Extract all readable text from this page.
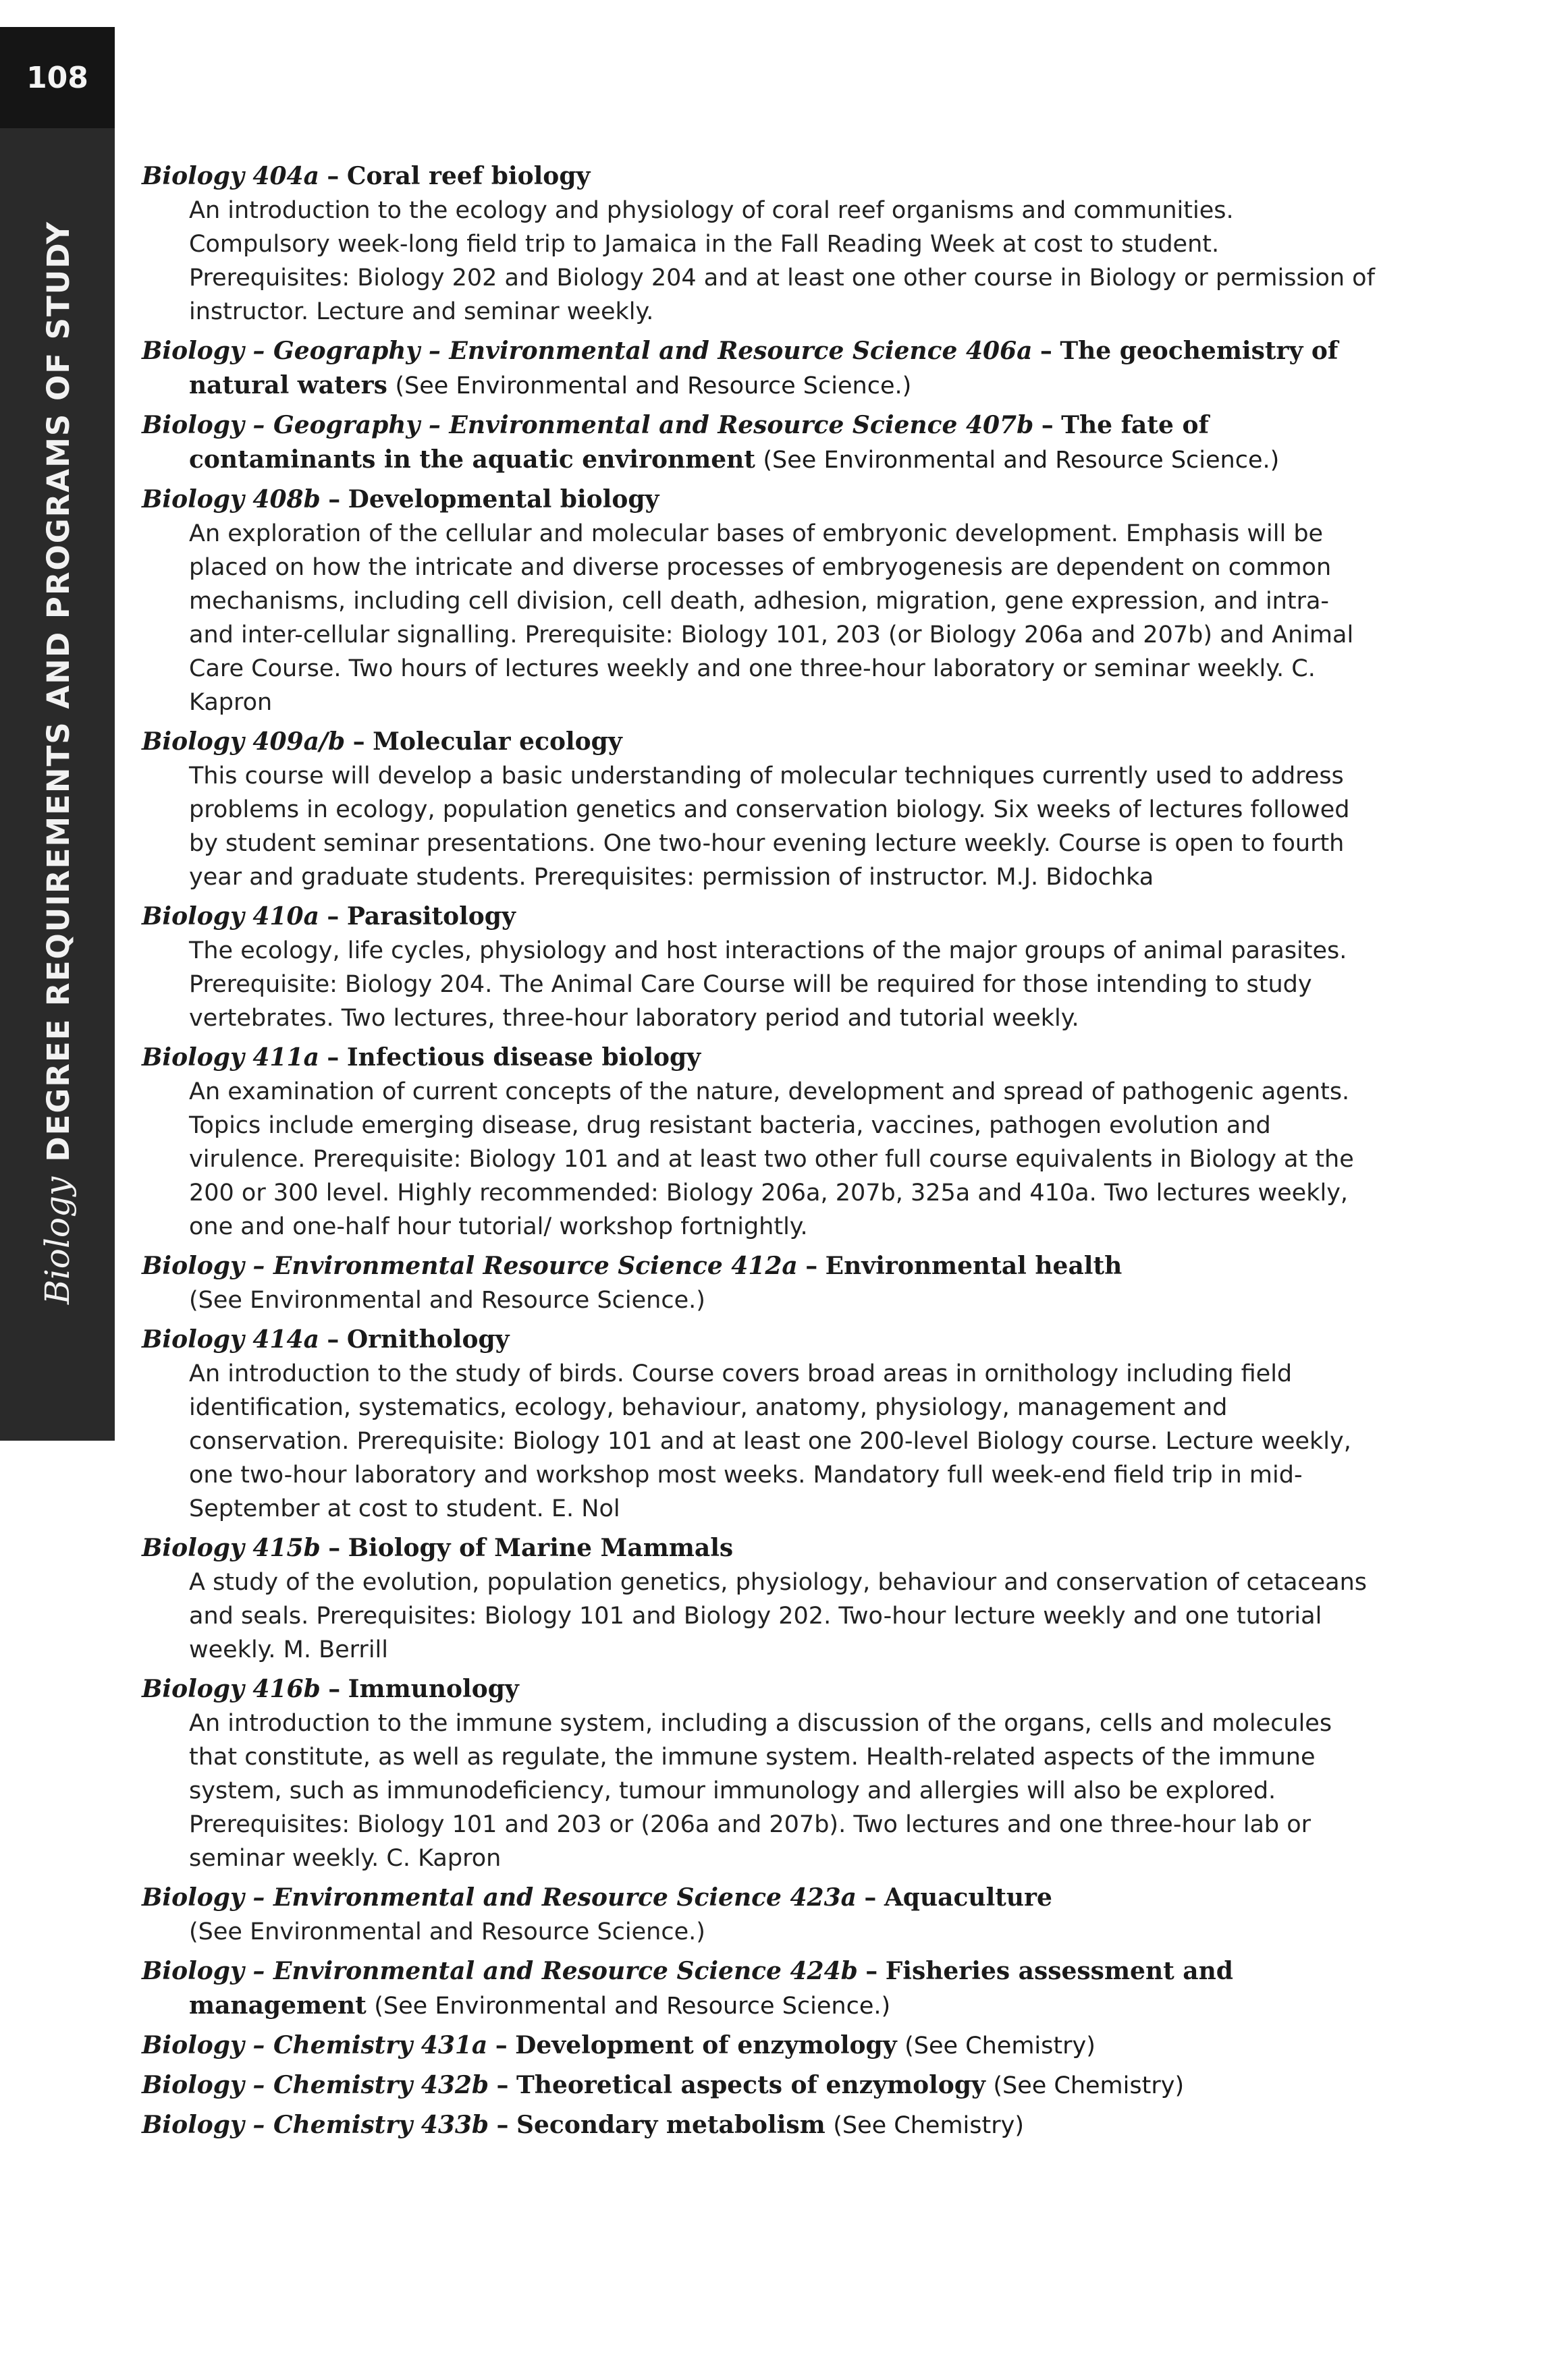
108
BiologyDEGREE REQUIREMENTS AND PROGRAMS OF STUDY

Biology 404a – Coral reef biology

An introduction to the ecology and physiology of coral reef organisms and communities. Compulsory week-long field trip to Jamaica in the Fall Reading Week at cost to student. Prerequisites: Biology 202 and Biology 204 and at least one other course in Biology or permission of instructor. Lecture and seminar weekly.

Biology – Geography – Environmental and Resource Science 406a – The geochemistry of natural waters (See Environmental and Resource Science.)

Biology – Geography – Environmental and Resource Science 407b – The fate of contaminants in the aquatic environment (See Environmental and Resource Science.)

Biology 408b – Developmental biology

An exploration of the cellular and molecular bases of embryonic development. Emphasis will be placed on how the intricate and diverse processes of embryogenesis are dependent on common mechanisms, including cell division, cell death, adhesion, migration, gene expression, and intra- and inter-cellular signalling. Prerequisite: Biology 101, 203 (or Biology 206a and 207b) and Animal Care Course. Two hours of lectures weekly and one three-hour laboratory or seminar weekly. C. Kapron

Biology 409a/b – Molecular ecology

This course will develop a basic understanding of molecular techniques currently used to address problems in ecology, population genetics and conservation biology. Six weeks of lectures followed by student seminar presentations. One two-hour evening lecture weekly. Course is open to fourth year and graduate students. Prerequisites: permission of instructor. M.J. Bidochka

Biology 410a – Parasitology

The ecology, life cycles, physiology and host interactions of the major groups of animal parasites. Prerequisite: Biology 204. The Animal Care Course will be required for those intending to study vertebrates. Two lectures, three-hour laboratory period and tutorial weekly.

Biology 411a – Infectious disease biology

An examination of current concepts of the nature, development and spread of pathogenic agents. Topics include emerging disease, drug resistant bacteria, vaccines, pathogen evolution and virulence. Prerequisite: Biology 101 and at least two other full course equivalents in Biology at the 200 or 300 level. Highly recommended: Biology 206a, 207b, 325a and 410a. Two lectures weekly, one and one-half hour tutorial/ workshop fortnightly.

Biology – Environmental Resource Science 412a – Environmental health

(See Environmental and Resource Science.)

Biology 414a – Ornithology

An introduction to the study of birds. Course covers broad areas in ornithology including field identification, systematics, ecology, behaviour, anatomy, physiology, management and conservation. Prerequisite: Biology 101 and at least one 200-level Biology course. Lecture weekly, one two-hour laboratory and workshop most weeks. Mandatory full week-end field trip in mid-September at cost to student. E. Nol

Biology 415b – Biology of Marine Mammals

A study of the evolution, population genetics, physiology, behaviour and conservation of cetaceans and seals. Prerequisites: Biology 101 and Biology 202. Two-hour lecture weekly and one tutorial weekly. M. Berrill

Biology 416b – Immunology

An introduction to the immune system, including a discussion of the organs, cells and molecules that constitute, as well as regulate, the immune system. Health-related aspects of the immune system, such as immunodeficiency, tumour immunology and allergies will also be explored. Prerequisites: Biology 101 and 203 or (206a and 207b). Two lectures and one three-hour lab or seminar weekly. C. Kapron

Biology – Environmental and Resource Science 423a – Aquaculture

(See Environmental and Resource Science.)

Biology – Environmental and Resource Science 424b – Fisheries assessment and management (See Environmental and Resource Science.)

Biology – Chemistry 431a – Development of enzymology (See Chemistry)

Biology – Chemistry 432b – Theoretical aspects of enzymology (See Chemistry)

Biology – Chemistry 433b – Secondary metabolism (See Chemistry)
